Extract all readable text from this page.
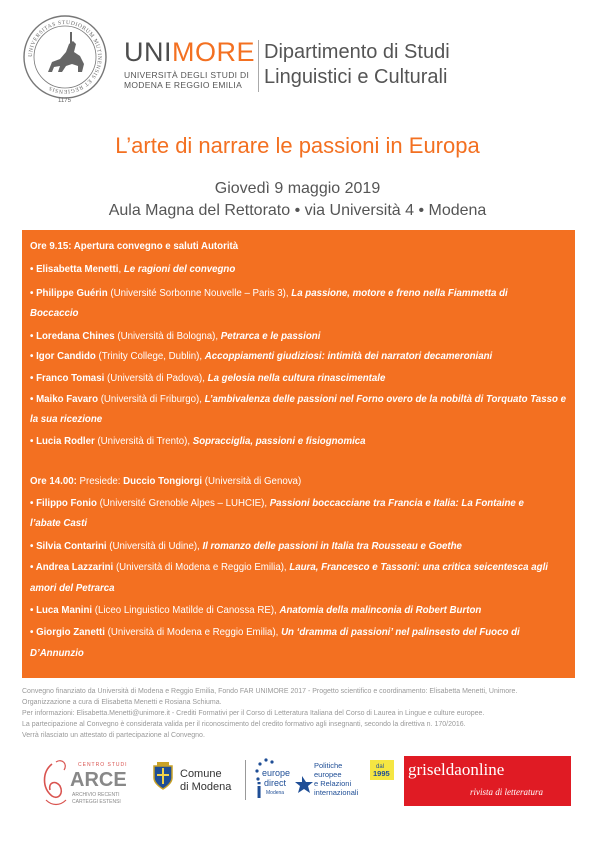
UNIVERSITAS STUDIORUM MUTINENSIS ET REGIENSIS
1175
UNIMORE
UNIVERSITÀ DEGLI STUDI DI
MODENA E REGGIO EMILIA
Dipartimento di Studi
Linguistici e Culturali
L’arte di narrare le passioni in Europa
Giovedì 9 maggio 2019
Aula Magna del Rettorato • via Università 4 • Modena
Ore 9.15: Apertura convegno e saluti Autorità
• Elisabetta Menetti, Le ragioni del convegno
• Philippe Guérin (Université Sorbonne Nouvelle – Paris 3), La passione, motore e freno nella Fiammetta di
Boccaccio
• Loredana Chines (Università di Bologna), Petrarca e le passioni
• Igor Candido (Trinity College, Dublin), Accoppiamenti giudiziosi: intimità dei narratori decameroniani
• Franco Tomasi (Università di Padova), La gelosia nella cultura rinascimentale
• Maiko Favaro (Università di Friburgo), L’ambivalenza delle passioni nel Forno overo de la nobiltà di Torquato Tasso e
la sua ricezione
• Lucia Rodler (Università di Trento), Sopracciglia, passioni e fisiognomica
Ore 14.00: Presiede: Duccio Tongiorgi (Università di Genova)
• Filippo Fonio (Université Grenoble Alpes – LUHCIE), Passioni boccacciane tra Francia e Italia: La Fontaine e
l’abate Casti
• Silvia Contarini (Università di Udine), Il romanzo delle passioni in Italia tra Rousseau e Goethe
• Andrea Lazzarini (Università di Modena e Reggio Emilia), Laura, Francesco e Tassoni: una critica seicentesca agli
amori del Petrarca
• Luca Manini (Liceo Linguistico Matilde di Canossa RE), Anatomia della malinconia di Robert Burton
• Giorgio Zanetti (Università di Modena e Reggio Emilia), Un ‘dramma di passioni’ nel palinsesto del Fuoco di
D’Annunzio
Convegno finanziato da Università di Modena e Reggio Emilia, Fondo FAR UNIMORE 2017 - Progetto scientifico e coordinamento: Elisabetta Menetti, Unimore.
Organizzazione a cura di Elisabetta Menetti e Rosiana Schiuma.
Per informazioni: Elisabetta.Menetti@unimore.it - Crediti Formativi per il Corso di Letteratura Italiana del Corso di Laurea in Lingue e culture europee.
La partecipazione al Convegno è considerata valida per il riconoscimento del credito formativo agli insegnanti, secondo la direttiva n. 170/2016.
Verrà rilasciato un attestato di partecipazione al Convegno.
CENTRO STUDI
ARCE
ARCHIVIO RECENTI
CARTEGGI ESTENSI
Comune
di Modena
europe
direct
Modena
i
Politiche
europee
e Relazioni
internazionali
dal
1995 griseldaonline
rivista di letteratura
